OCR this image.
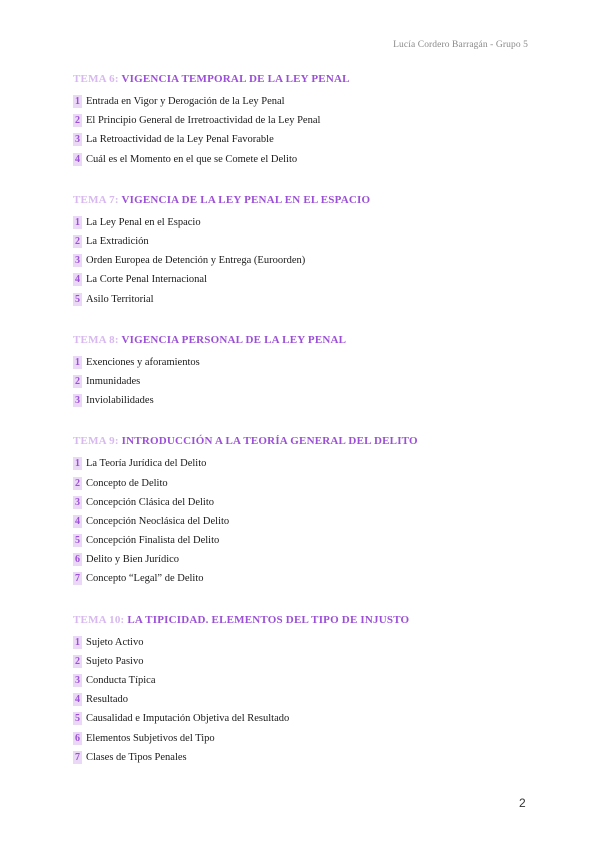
Lucía Cordero Barragán - Grupo 5
TEMA 6: VIGENCIA TEMPORAL DE LA LEY PENAL
1 Entrada en Vigor y Derogación de la Ley Penal
2 El Principio General de Irretroactividad de la Ley Penal
3 La Retroactividad de la Ley Penal Favorable
4 Cuál es el Momento en el que se Comete el Delito
TEMA 7: VIGENCIA DE LA LEY PENAL EN EL ESPACIO
1 La Ley Penal en el Espacio
2 La Extradición
3 Orden Europea de Detención y Entrega (Euroorden)
4 La Corte Penal Internacional
5 Asilo Territorial
TEMA 8: VIGENCIA PERSONAL DE LA LEY PENAL
1 Exenciones y aforamientos
2 Inmunidades
3 Inviolabilidades
TEMA 9: INTRODUCCIÓN A LA TEORÍA GENERAL DEL DELITO
1 La Teoría Jurídica del Delito
2 Concepto de Delito
3 Concepción Clásica del Delito
4 Concepción Neoclásica del Delito
5 Concepción Finalista del Delito
6 Delito y Bien Jurídico
7 Concepto “Legal” de Delito
TEMA 10: LA TIPICIDAD. ELEMENTOS DEL TIPO DE INJUSTO
1 Sujeto Activo
2 Sujeto Pasivo
3 Conducta Típica
4 Resultado
5 Causalidad e Imputación Objetiva del Resultado
6 Elementos Subjetivos del Tipo
7 Clases de Tipos Penales
2
